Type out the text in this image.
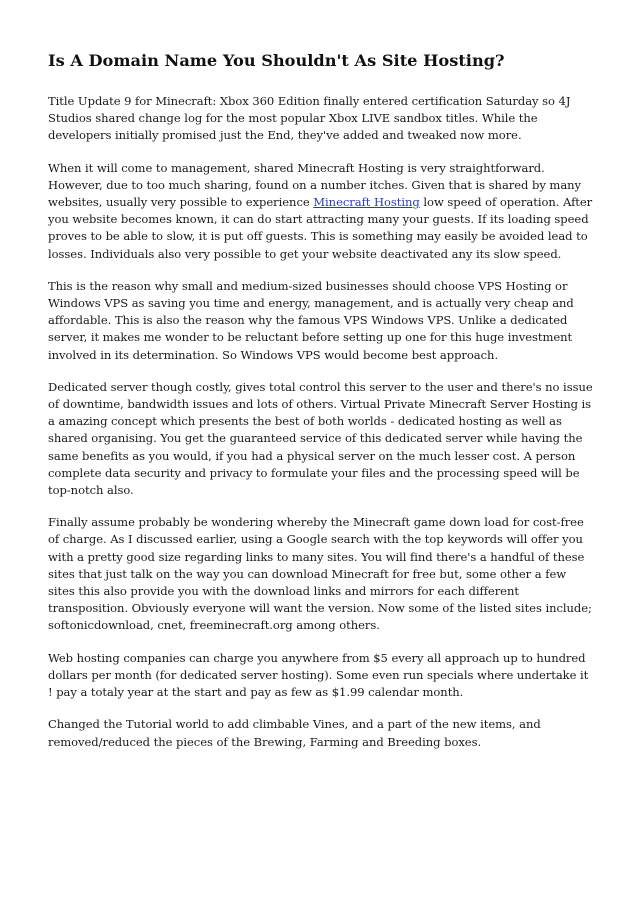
Is A Domain Name You Shouldn't As Site Hosting?

Title Update 9 for Minecraft: Xbox 360 Edition finally entered certification Saturday so 4J Studios shared change log for the most popular Xbox LIVE sandbox titles. While the developers initially promised just the End, they've added and tweaked now more.

When it will come to management, shared Minecraft Hosting is very straightforward. However, due to too much sharing, found on a number itches. Given that is shared by many websites, usually very possible to experience Minecraft Hosting low speed of operation. After you website becomes known, it can do start attracting many your guests. If its loading speed proves to be able to slow, it is put off guests. This is something may easily be avoided lead to losses. Individuals also very possible to get your website deactivated any its slow speed.

This is the reason why small and medium-sized businesses should choose VPS Hosting or Windows VPS as saving you time and energy, management, and is actually very cheap and affordable. This is also the reason why the famous VPS Windows VPS. Unlike a dedicated server, it makes me wonder to be reluctant before setting up one for this huge investment involved in its determination. So Windows VPS would become best approach.

Dedicated server though costly, gives total control this server to the user and there's no issue of downtime, bandwidth issues and lots of others. Virtual Private Minecraft Server Hosting is a amazing concept which presents the best of both worlds - dedicated hosting as well as shared organising. You get the guaranteed service of this dedicated server while having the same benefits as you would, if you had a physical server on the much lesser cost. A person complete data security and privacy to formulate your files and the processing speed will be top-notch also.

Finally assume probably be wondering whereby the Minecraft game down load for cost-free of charge. As I discussed earlier, using a Google search with the top keywords will offer you with a pretty good size regarding links to many sites. You will find there's a handful of these sites that just talk on the way you can download Minecraft for free but, some other a few sites this also provide you with the download links and mirrors for each different transposition. Obviously everyone will want the version. Now some of the listed sites include; softonicdownload, cnet, freeminecraft.org among others.

Web hosting companies can charge you anywhere from $5 every all approach up to hundred dollars per month (for dedicated server hosting). Some even run specials where undertake it ! pay a totaly year at the start and pay as few as $1.99 calendar month.

Changed the Tutorial world to add climbable Vines, and a part of the new items, and removed/reduced the pieces of the Brewing, Farming and Breeding boxes.
